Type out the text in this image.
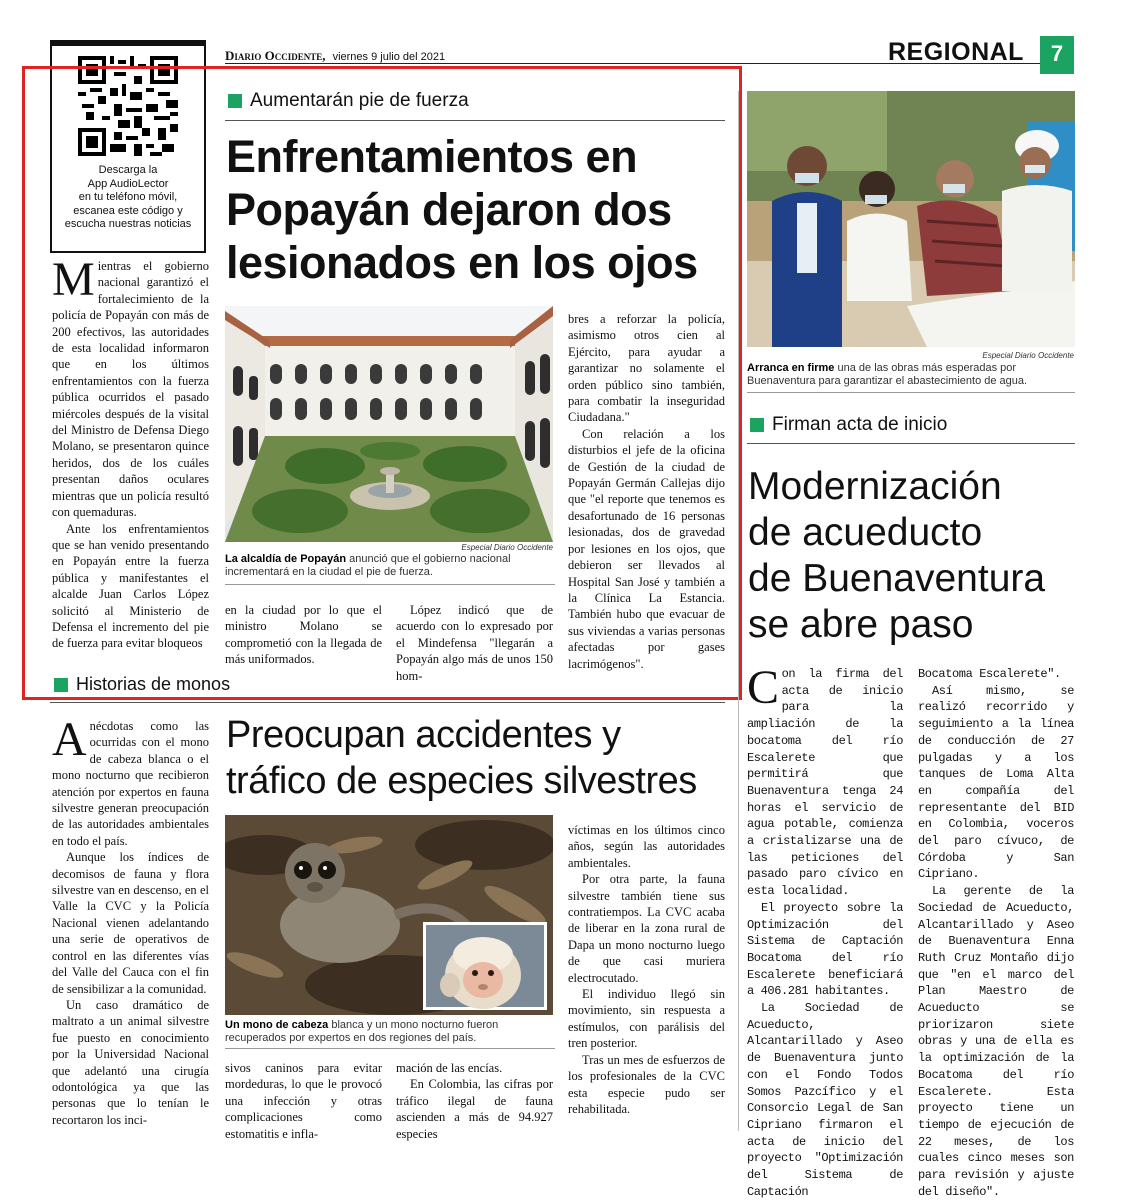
Diario Occidente, viernes 9 julio del 2021	REGIONAL	7
Descarga la
App AudioLector
en tu teléfono móvil,
escanea este código y
escucha nuestras noticias
Aumentarán pie de fuerza
Enfrentamientos en
Popayán dejaron dos
lesionados en los ojos

Mientras el gobierno nacional garantizó el fortalecimiento de la policía de Popayán con más de 200 efectivos, las autoridades de esta localidad informaron que en los últimos enfrentamientos con la fuerza pública ocurridos el pasado miércoles después de la visital del Ministro de Defensa Diego Molano, se presentaron quince heridos, dos de los cuáles presentan daños oculares mientras que un policía resultó con quemaduras.

Ante los enfrentamientos que se han venido presentando en Popayán entre la fuerza pública y manifestantes el alcalde Juan Carlos López solicitó al Ministerio de Defensa el incremento del pie de fuerza para evitar bloqueos

Especial Diario Occidente
La alcaldía de Popayán anunció que el gobierno nacional incrementará en la ciudad el pie de fuerza.

en la ciudad por lo que el ministro Molano se comprometió con la llegada de más uniformados.

López indicó que de acuerdo con lo expresado por el Mindefensa "llegarán a Popayán algo más de unos 150 hom-

bres a reforzar la policía, asimismo otros cien al Ejército, para ayudar a garantizar no solamente el orden público sino también, para combatir la inseguridad Ciudadana."

Con relación a los disturbios el jefe de la oficina de Gestión de la ciudad de Popayán Germán Callejas dijo que "el reporte que tenemos es desafortunado de 16 personas lesionadas, dos de gravedad por lesiones en los ojos, que debieron ser llevados al Hospital San José y también a la Clínica La Estancia. También hubo que evacuar de sus viviendas a varias personas afectadas por gases lacrimógenos".

Historias de monos
Preocupan accidentes y
tráfico de especies silvestres

Anécdotas como las ocurridas con el mono de cabeza blanca o el mono nocturno que recibieron atención por expertos en fauna silvestre generan preocupación de las autoridades ambientales en todo el país.

Aunque los índices de decomisos de fauna y flora silvestre van en descenso, en el Valle la CVC y la Policía Nacional vienen adelantando una serie de operativos de control en las diferentes vías del Valle del Cauca con el fin de sensibilizar a la comunidad.

Un caso dramático de maltrato a un animal silvestre fue puesto en conocimiento por la Universidad Nacional que adelantó una cirugía odontológica ya que las personas que lo tenían le recortaron los inci-

Un mono de cabeza blanca y un mono nocturno fueron recuperados por expertos en dos regiones del país.

sivos caninos para evitar mordeduras, lo que le provocó una infección y otras complicaciones como estomatitis e infla-

mación de las encías.

En Colombia, las cifras por tráfico ilegal de fauna ascienden a más de 94.927 especies

víctimas en los últimos cinco años, según las autoridades ambientales.

Por otra parte, la fauna silvestre también tiene sus contratiempos. La CVC acaba de liberar en la zona rural de Dapa un mono nocturno luego de que casi muriera electrocutado.

El individuo llegó sin movimiento, sin respuesta a estímulos, con parálisis del tren posterior.

Tras un mes de esfuerzos de los profesionales de la CVC esta especie pudo ser rehabilitada.

Especial Diario Occidente
Arranca en firme una de las obras más esperadas por Buenaventura para garantizar el abastecimiento de agua.
Firman acta de inicio
Modernización
de acueducto
de Buenaventura
se abre paso

Con la firma del acta de inicio para la ampliación de la bocatoma del río Escalerete que permitirá que Buenaventura tenga 24 horas el servicio de agua potable, comienza a cristalizarse una de las peticiones del pasado paro cívico en esta localidad.

El proyecto sobre la Optimización del Sistema de Captación Bocatoma del río Escalerete beneficiará a 406.281 habitantes.

La Sociedad de Acueducto, Alcantarillado y Aseo de Buenaventura junto con el Fondo Todos Somos Pazcífico y el Consorcio Legal de San Cipriano firmaron el acta de inicio del proyecto "Optimización del Sistema de Captación

Bocatoma Escalerete".

Así mismo, se realizó recorrido y seguimiento a la línea de conducción de 27 pulgadas y a los tanques de Loma Alta en compañía del representante del BID en Colombia, voceros del paro cívuco, de Córdoba y San Cipriano.

La gerente de la Sociedad de Acueducto, Alcantarillado y Aseo de Buenaventura Enna Ruth Cruz Montaño dijo que "en el marco del Plan Maestro de Acueducto se priorizaron siete obras y una de ella es la optimización de la Bocatoma del río Escalerete. Esta proyecto tiene un tiempo de ejecución de 22 meses, de los cuales cinco meses son para revisión y ajuste del diseño".
